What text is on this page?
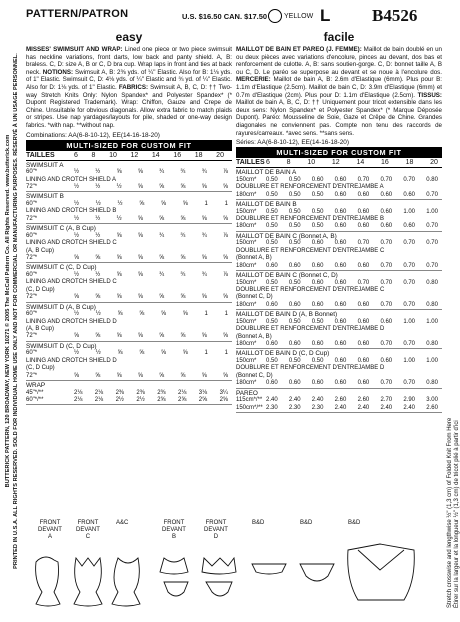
BUTTERICK PATTERN, 120 BROADWAY, NEW YORK 10271 © 2005 The McCall Pattern Co. All Rights Reserved. www.butterick.com PRINTED IN U.S.A. ALL RIGHTS RESERVED. SOLD FOR INDIVIDUAL HOME USE ONLY AND NOT FOR COMMERCIAL OR MANUFACTURING PURPOSES. RÉSERVÉ À UN USAGE PERSONNEL.
PATTERN/PATRON	U.S. $16.50 CAN. $17.50 YELLOW L B4526
easy

MISSES' SWIMSUIT AND WRAP: Lined one piece or two piece swimsuit has neckline variations, front darts, low back and panty shield. A, B: braless. C, D: size A, B or C, D bra cup. Wrap laps in front and ties at back neck. NOTIONS: Swimsuit A, B: 2⅜ yds. of ¼" Elastic. Also for B: 1⅛ yds. of 1" Elastic. Swimsuit C, D: 4⅛ yds. of ¼" Elastic and ¾ yd. of ¼" Elastic. Also for D: 1⅛ yds. of 1" Elastic. FABRICS: Swimsuit A, B, C, D: †† Two-way Stretch Knits Only: Nylon Spandex* and Polyester Spandex* (* Dupont Registered Trademark). Wrap: Chiffon, Gauze and Crepe de Chine. Unsuitable for obvious diagonals. Allow extra fabric to match plaids or stripes. Use nap yardages/layouts for pile, shaded or one-way design fabrics. *with nap. **without nap.

Combinations: AA(6-8-10-12), EE(14-16-18-20)
MULTI-SIZED FOR CUSTOM FIT
TAILLES	6 8 10 12 14 16 18 20
SWIMSUIT A
60"*	½	½	⅝	⅝	¾	¾	¾	⅞
LINING AND CROTCH SHIELD A
72"*	½	½	½	⅝	⅝	⅝	⅝	⅝
SWIMSUIT B
60"*	½	½	½	⅝	⅝	⅝	1	1
LINING AND CROTCH SHIELD B
72"*	½	½	½	⅝	⅝	⅝	⅝	⅝
SWIMSUIT C (A, B Cup)
60"*	½	½	⅝	⅝	¾	¾	¾	⅞
LINING AND CROTCH SHIELD C
(A, B Cup)
72"*	⅝	⅝	⅝	⅝	⅝	⅝	⅝	⅝
SWIMSUIT C (C, D Cup)
60"*	½	½	⅝	⅝	¾	¾	¾	⅞
LINING AND CROTCH SHIELD C
(C, D Cup)
72"*	⅝	⅝	⅝	⅝	⅝	⅝	⅝	⅝
SWIMSUIT D (A, B Cup)
60"*	½	½	⅝	⅝	⅝	⅝	1	1
LINING AND CROTCH SHIELD D
(A, B Cup)
72"*	⅝	⅝	⅝	⅝	⅝	⅝	⅝	⅝
SWIMSUIT D (C, D Cup)
60"*	½	½	⅝	⅝	⅝	⅝	1	1
LINING AND CROTCH SHIELD D
(C, D Cup)
72"*	⅝	⅝	⅝	⅝	⅝	⅝	⅝	⅝
WRAP
45"*/**	2⅛ 2⅛ 2⅜ 2⅜ 2⅜ 2⅛ 3⅛ 3¼
60"*/**	2⅛ 2⅛ 2½ 2½ 2⅝ 2⅝ 2⅝ 2⅝
facile

MAILLOT DE BAIN ET PAREO (J. FEMME): Maillot de bain doublé en un ou deux pièces avec variations d'encolure, pinces au devant, dos bas et renforcement de culotte. A, B: sans soutien-gorge. C, D: bonnet taille A, B ou C, D. Le paréo se superpose au devant et se noue à l'encolure dos. MERCERIE: Maillot de bain A, B: 2.6m d'Elastique (6mm). Plus pour B: 1.1m d'Elastique (2.5cm). Maillot de bain C, D: 3.9m d'Elastique (6mm) et 0.7m d'Elastique (2cm). Plus pour D: 1.1m d'Elastique (2.5cm). TISSUS: Maillot de bain A, B, C, D: †† Uniquement pour tricot extensible dans les deux sens: Nylon Spandex* et Polyester Spandex* (* Marque Déposée Dupont). Paréo: Mousseline de Soie, Gaze et Crêpe de Chine. Grandes diagonales ne conviennent pas. Compte non tenu des raccords de rayures/carreaux. *avec sens. **sans sens.

Séries: AA(6-8-10-12), EE(14-16-18-20)
MULTI-SIZED FOR CUSTOM FIT
TAILLES 6 8 10 12 14 16 18 20
MAILLOT DE BAIN A
150cm*	0.50 0.50 0.60 0.60 0.70 0.70 0.70 0.80
DOUBLURE ET RENFORCEMENT D'ENTREJAMBE A
180cm*	0.50 0.50 0.50 0.60 0.60 0.60 0.60 0.70
MAILLOT DE BAIN B
150cm*	0.50 0.50 0.50 0.60 0.60 0.60 1.00 1.00
DOUBLURE ET RENFORCEMENT D'ENTREJAMBE B
180cm*	0.50 0.50 0.50 0.60 0.60 0.60 0.60 0.70
MAILLOT DE BAIN C (Bonnet A, B)
150cm*	0.50 0.50 0.60 0.60 0.70 0.70 0.70 0.70
DOUBLURE ET RENFORCEMENT D'ENTREJAMBE C
(Bonnet A, B)
180cm*	0.60 0.60 0.60 0.60 0.60 0.70 0.70 0.70
MAILLOT DE BAIN C (Bonnet C, D)
150cm*	0.50 0.50 0.60 0.60 0.70 0.70 0.70 0.80
DOUBLURE ET RENFORCEMENT D'ENTREJAMBE C
(Bonnet C, D)
180cm*	0.60 0.60 0.60 0.60 0.60 0.70 0.70 0.80
MAILLOT DE BAIN D (A, B Bonnet)
150cm*	0.50 0.50 0.50 0.60 0.60 0.60 1.00 1.00
DOUBLURE ET RENFORCEMENT D'ENTREJAMBE D
(Bonnet A, B)
180cm*	0.60 0.60 0.60 0.60 0.60 0.70 0.70 0.80
MAILLOT DE BAIN D (C, D Cup)
150cm*	0.50 0.50 0.50 0.60 0.60 0.60 1.00 1.00
DOUBLURE ET RENFORCEMENT D'ENTREJAMBE D
(Bonnet C, D)
180cm*	0.60 0.60 0.60 0.60 0.60 0.70 0.70 0.80
PAREO
115cm*/** 2.40 2.40 2.40 2.60 2.60 2.70 2.90 3.00
150cm*/** 2.30 2.30 2.30 2.40 2.40 2.40 2.40 2.60
FRONT
DEVANT
A
FRONT
DEVANT
C
A&C	FRONT
DEVANT
B
FRONT
DEVANT
D
B&D	B&D	B&D	Stretch crosswise and lengthwise ½" (1,3 cm) of Folded Knit From Here Étirer sur la largeur et la longueur ½" (1,3 cm) de tricot plié à partir d'ici
